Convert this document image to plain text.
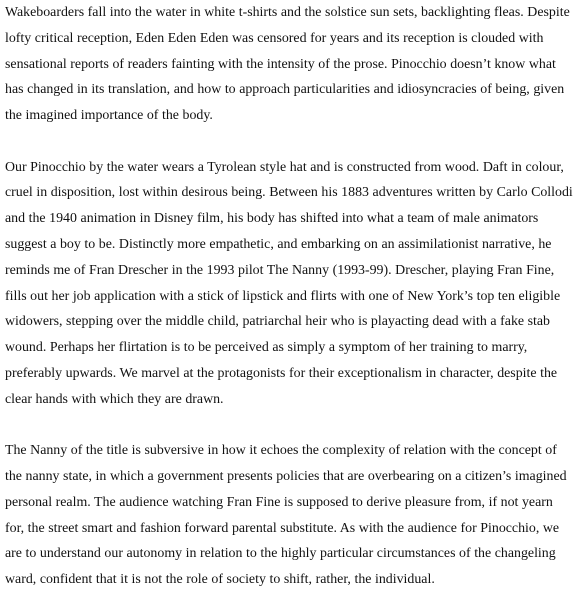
Wakeboarders fall into the water in white t-shirts and the solstice sun sets, backlighting fleas. Despite lofty critical reception, Eden Eden Eden was censored for years and its reception is clouded with sensational reports of readers fainting with the intensity of the prose. Pinocchio doesn’t know what has changed in its translation, and how to approach particularities and idiosyncracies of being, given the imagined importance of the body.

Our Pinocchio by the water wears a Tyrolean style hat and is constructed from wood. Daft in colour, cruel in disposition, lost within desirous being. Between his 1883 adventures written by Carlo Collodi and the 1940 animation in Disney film, his body has shifted into what a team of male animators suggest a boy to be. Distinctly more empathetic, and embarking on an assimilationist narrative, he reminds me of Fran Drescher in the 1993 pilot The Nanny (1993-99). Drescher, playing Fran Fine, fills out her job application with a stick of lipstick and flirts with one of New York’s top ten eligible widowers, stepping over the middle child, patriarchal heir who is playacting dead with a fake stab wound. Perhaps her flirtation is to be perceived as simply a symptom of her training to marry, preferably upwards. We marvel at the protagonists for their exceptionalism in character, despite the clear hands with which they are drawn.

The Nanny of the title is subversive in how it echoes the complexity of relation with the concept of the nanny state, in which a government presents policies that are overbearing on a citizen’s imagined personal realm. The audience watching Fran Fine is supposed to derive pleasure from, if not yearn for, the street smart and fashion forward parental substitute. As with the audience for Pinocchio, we are to understand our autonomy in relation to the highly particular circumstances of the changeling ward, confident that it is not the role of society to shift, rather, the individual.
